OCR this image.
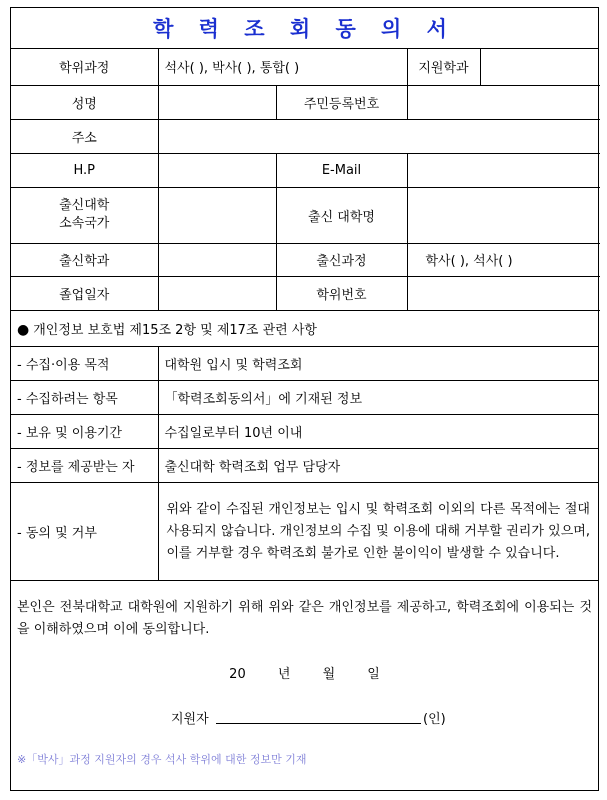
학 력 조 회 동 의 서
학위과정	석사( ), 박사( ), 통합( )		지원학과	
성명		주민등록번호		
주소				
H.P		E-Mail		

출신대학
소속국가		출신 대학명		
출신학과		출신과정	학사( ), 석사( )	
졸업일자		학위번호		
● 개인정보 보호법 제15조 2항 및 제17조 관련 사항	
- 수집·이용 목적	대학원 입시 및 학력조회
- 수집하려는 항목	「학력조회동의서」에 기재된 정보
- 보유 및 이용기간	수집일로부터 10년 이내
- 정보를 제공받는 자	출신대학 학력조회 업무 담당자
- 동의 및 거부	위와 같이 수집된 개인정보는 입시 및 학력조회 이외의 다른 목적에는 절대 사용되지 않습니다. 개인정보의 수집 및 이용에 대해 거부할 권리가 있으며, 이를 거부할 경우 학력조회 불가로 인한 불이익이 발생할 수 있습니다.
본인은 전북대학교 대학원에 지원하기 위해 위와 같은 개인정보를 제공하고, 학력조회에 이용되는 것을 이해하였으며 이에 동의합니다.
20 년 월 일
지원자	(인)
※「박사」과정 지원자의 경우 석사 학위에 대한 정보만 기재
